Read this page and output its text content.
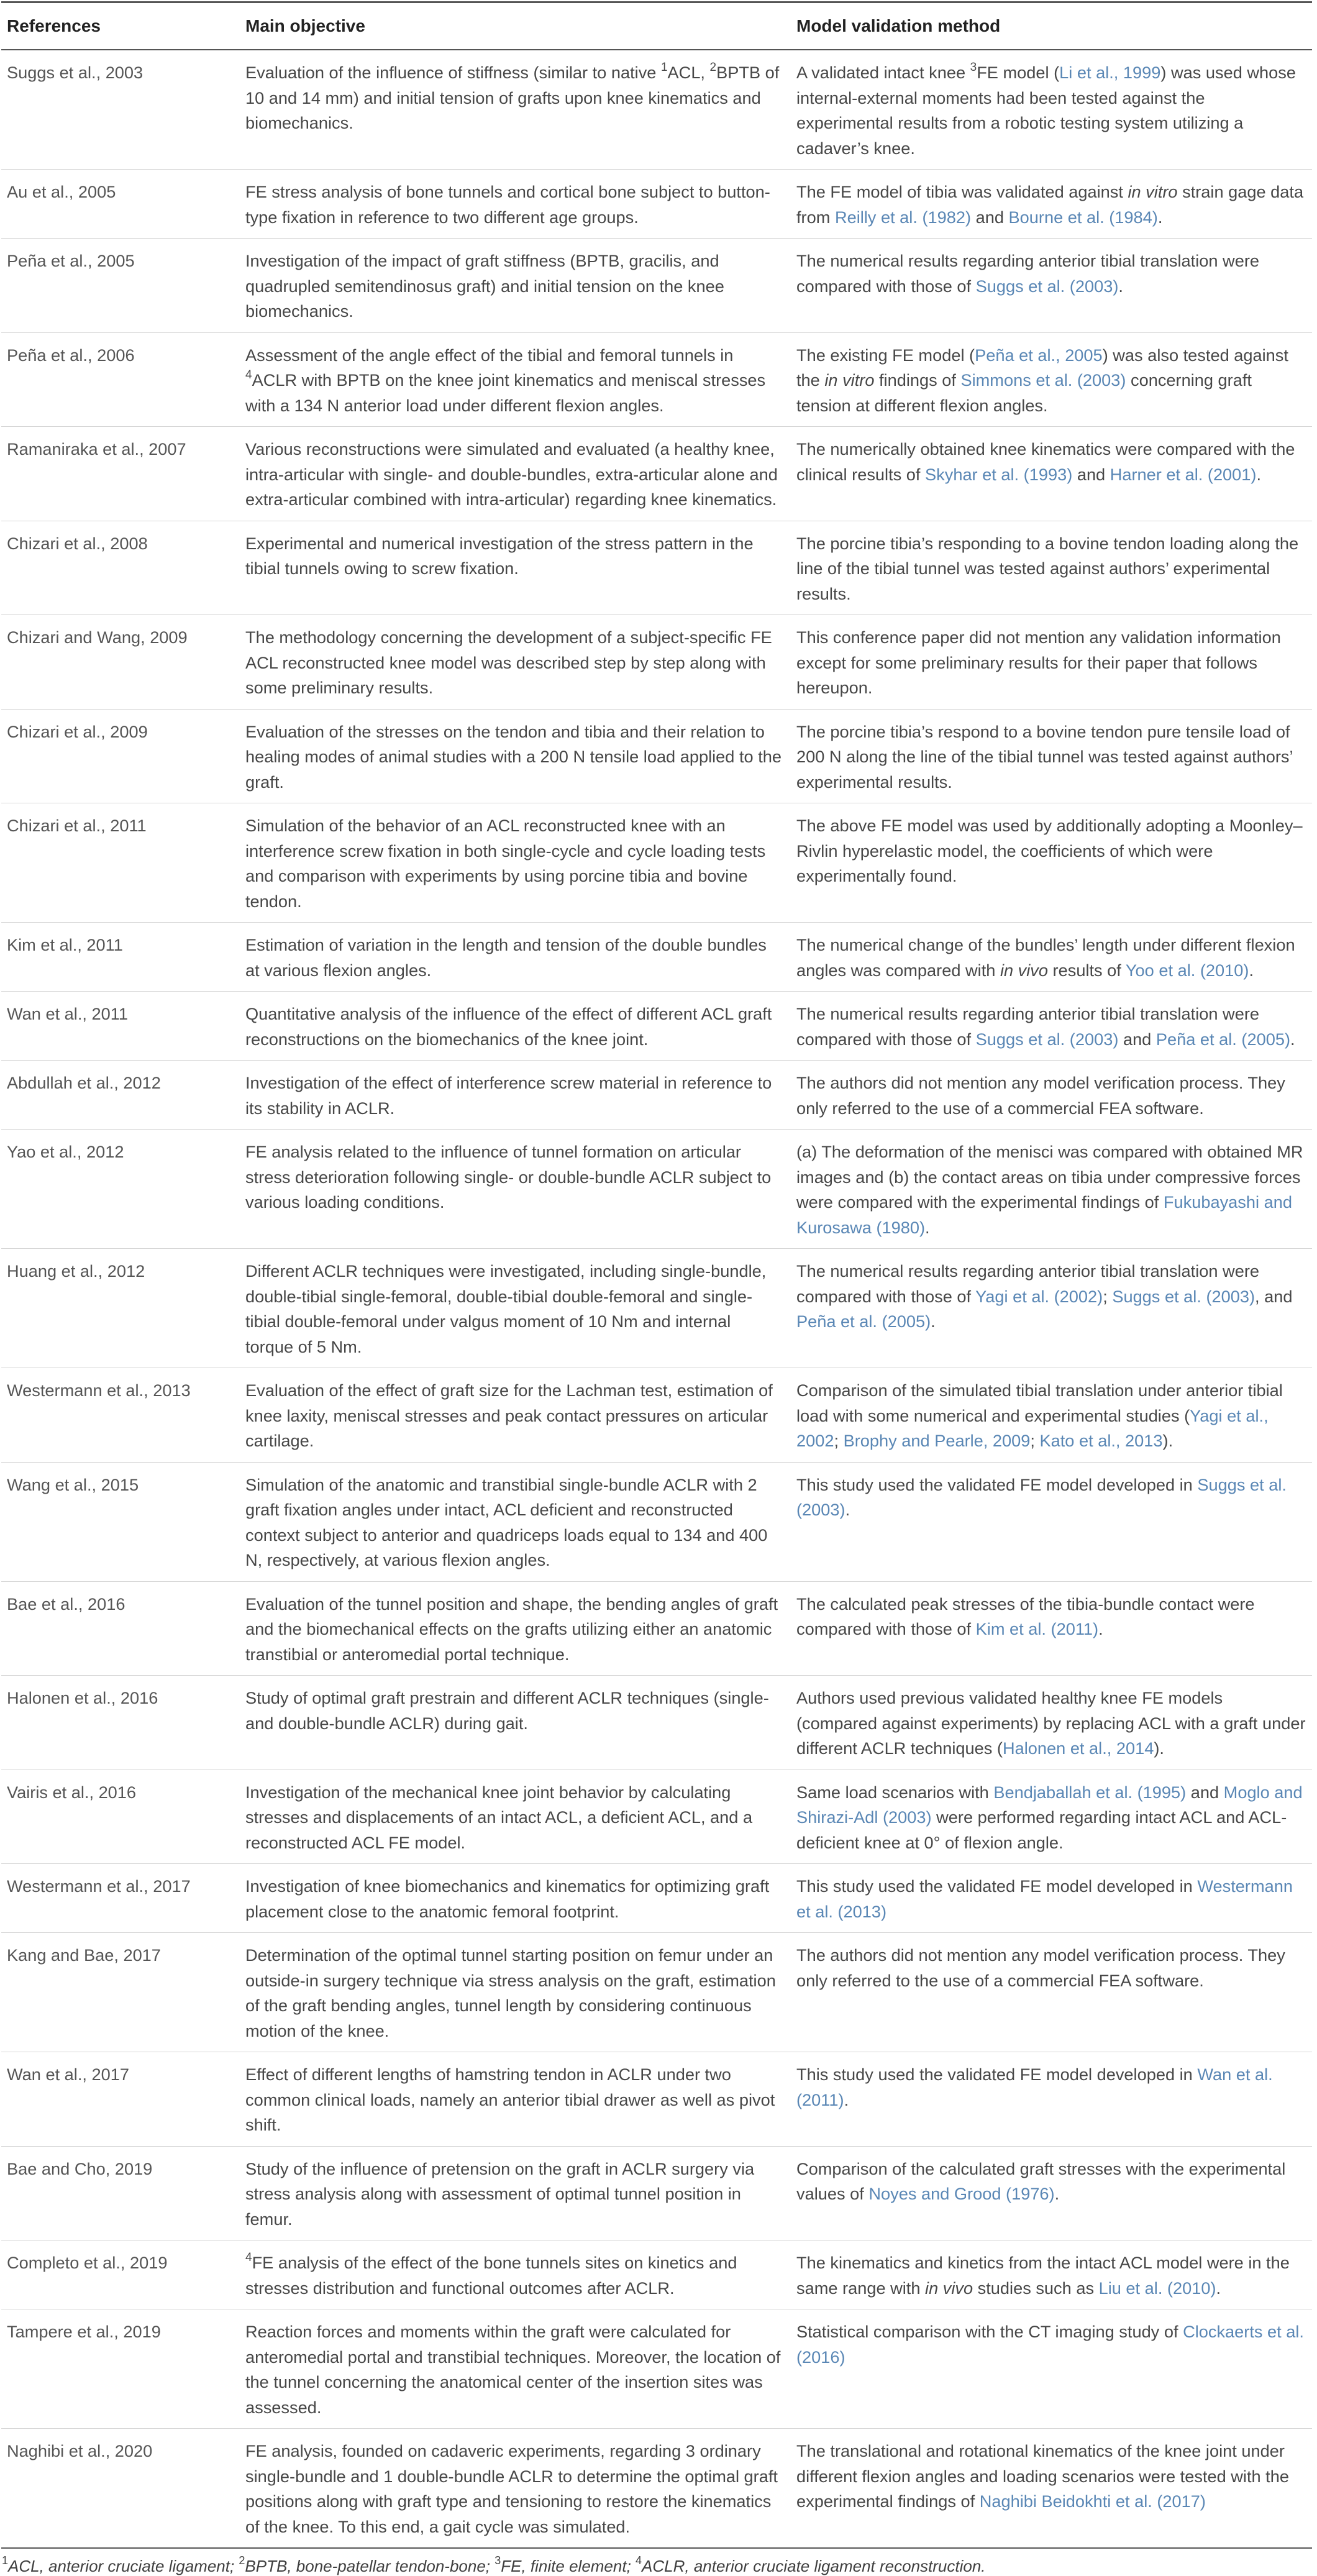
References	Main objective	Model validation method
Suggs et al., 2003	Evaluation of the influence of stiffness (similar to native $^1$ACL, $^2$BPTB of 10 and 14 mm) and initial tension of grafts upon knee kinematics and biomechanics.	A validated intact knee $^3$FE model (Li et al., 1999) was used whose internal-external moments had been tested against the experimental results from a robotic testing system utilizing a cadaver’s knee.
Au et al., 2005	FE stress analysis of bone tunnels and cortical bone subject to button-type fixation in reference to two different age groups.	The FE model of tibia was validated against in vitro strain gage data from Reilly et al. (1982) and Bourne et al. (1984).
Peña et al., 2005	Investigation of the impact of graft stiffness (BPTB, gracilis, and quadrupled semitendinosus graft) and initial tension on the knee biomechanics.	The numerical results regarding anterior tibial translation were compared with those of Suggs et al. (2003).
Peña et al., 2006	Assessment of the angle effect of the tibial and femoral tunnels in $^4$ACLR with BPTB on the knee joint kinematics and meniscal stresses with a 134 N anterior load under different flexion angles.	The existing FE model (Peña et al., 2005) was also tested against the in vitro findings of Simmons et al. (2003) concerning graft tension at different flexion angles.
Ramaniraka et al., 2007	Various reconstructions were simulated and evaluated (a healthy knee, intra-articular with single- and double-bundles, extra-articular alone and extra-articular combined with intra-articular) regarding knee kinematics.	The numerically obtained knee kinematics were compared with the clinical results of Skyhar et al. (1993) and Harner et al. (2001).
Chizari et al., 2008	Experimental and numerical investigation of the stress pattern in the tibial tunnels owing to screw fixation.	The porcine tibia’s responding to a bovine tendon loading along the line of the tibial tunnel was tested against authors’ experimental results.
Chizari and Wang, 2009	The methodology concerning the development of a subject-specific FE ACL reconstructed knee model was described step by step along with some preliminary results.	This conference paper did not mention any validation information except for some preliminary results for their paper that follows hereupon.
Chizari et al., 2009	Evaluation of the stresses on the tendon and tibia and their relation to healing modes of animal studies with a 200 N tensile load applied to the graft.	The porcine tibia’s respond to a bovine tendon pure tensile load of 200 N along the line of the tibial tunnel was tested against authors’ experimental results.
Chizari et al., 2011	Simulation of the behavior of an ACL reconstructed knee with an interference screw fixation in both single-cycle and cycle loading tests and comparison with experiments by using porcine tibia and bovine tendon.	The above FE model was used by additionally adopting a Moonley–Rivlin hyperelastic model, the coefficients of which were experimentally found.
Kim et al., 2011	Estimation of variation in the length and tension of the double bundles at various flexion angles.	The numerical change of the bundles’ length under different flexion angles was compared with in vivo results of Yoo et al. (2010).
Wan et al., 2011	Quantitative analysis of the influence of the effect of different ACL graft reconstructions on the biomechanics of the knee joint.	The numerical results regarding anterior tibial translation were compared with those of Suggs et al. (2003) and Peña et al. (2005).
Abdullah et al., 2012	Investigation of the effect of interference screw material in reference to its stability in ACLR.	The authors did not mention any model verification process. They only referred to the use of a commercial FEA software.
Yao et al., 2012	FE analysis related to the influence of tunnel formation on articular stress deterioration following single- or double-bundle ACLR subject to various loading conditions.	(a) The deformation of the menisci was compared with obtained MR images and (b) the contact areas on tibia under compressive forces were compared with the experimental findings of Fukubayashi and Kurosawa (1980).
Huang et al., 2012	Different ACLR techniques were investigated, including single-bundle, double-tibial single-femoral, double-tibial double-femoral and single-tibial double-femoral under valgus moment of 10 Nm and internal torque of 5 Nm.	The numerical results regarding anterior tibial translation were compared with those of Yagi et al. (2002); Suggs et al. (2003), and Peña et al. (2005).
Westermann et al., 2013	Evaluation of the effect of graft size for the Lachman test, estimation of knee laxity, meniscal stresses and peak contact pressures on articular cartilage.	Comparison of the simulated tibial translation under anterior tibial load with some numerical and experimental studies (Yagi et al., 2002; Brophy and Pearle, 2009; Kato et al., 2013).
Wang et al., 2015	Simulation of the anatomic and transtibial single-bundle ACLR with 2 graft fixation angles under intact, ACL deficient and reconstructed context subject to anterior and quadriceps loads equal to 134 and 400 N, respectively, at various flexion angles.	This study used the validated FE model developed in Suggs et al. (2003).
Bae et al., 2016	Evaluation of the tunnel position and shape, the bending angles of graft and the biomechanical effects on the grafts utilizing either an anatomic transtibial or anteromedial portal technique.	The calculated peak stresses of the tibia-bundle contact were compared with those of Kim et al. (2011).
Halonen et al., 2016	Study of optimal graft prestrain and different ACLR techniques (single- and double-bundle ACLR) during gait.	Authors used previous validated healthy knee FE models (compared against experiments) by replacing ACL with a graft under different ACLR techniques (Halonen et al., 2014).
Vairis et al., 2016	Investigation of the mechanical knee joint behavior by calculating stresses and displacements of an intact ACL, a deficient ACL, and a reconstructed ACL FE model.	Same load scenarios with Bendjaballah et al. (1995) and Moglo and Shirazi-Adl (2003) were performed regarding intact ACL and ACL-deficient knee at 0° of flexion angle.
Westermann et al., 2017	Investigation of knee biomechanics and kinematics for optimizing graft placement close to the anatomic femoral footprint.	This study used the validated FE model developed in Westermann et al. (2013)
Kang and Bae, 2017	Determination of the optimal tunnel starting position on femur under an outside-in surgery technique via stress analysis on the graft, estimation of the graft bending angles, tunnel length by considering continuous motion of the knee.	The authors did not mention any model verification process. They only referred to the use of a commercial FEA software.
Wan et al., 2017	Effect of different lengths of hamstring tendon in ACLR under two common clinical loads, namely an anterior tibial drawer as well as pivot shift.	This study used the validated FE model developed in Wan et al. (2011).
Bae and Cho, 2019	Study of the influence of pretension on the graft in ACLR surgery via stress analysis along with assessment of optimal tunnel position in femur.	Comparison of the calculated graft stresses with the experimental values of Noyes and Grood (1976).
Completo et al., 2019	$^4$FE analysis of the effect of the bone tunnels sites on kinetics and stresses distribution and functional outcomes after ACLR.	The kinematics and kinetics from the intact ACL model were in the same range with in vivo studies such as Liu et al. (2010).
Tampere et al., 2019	Reaction forces and moments within the graft were calculated for anteromedial portal and transtibial techniques. Moreover, the location of the tunnel concerning the anatomical center of the insertion sites was assessed.	Statistical comparison with the CT imaging study of Clockaerts et al. (2016)
Naghibi et al., 2020	FE analysis, founded on cadaveric experiments, regarding 3 ordinary single-bundle and 1 double-bundle ACLR to determine the optimal graft positions along with graft type and tensioning to restore the kinematics of the knee. To this end, a gait cycle was simulated.	The translational and rotational kinematics of the knee joint under different flexion angles and loading scenarios were tested with the experimental findings of Naghibi Beidokhti et al. (2017)
$^1$ACL, anterior cruciate ligament; $^2$BPTB, bone-patellar tendon-bone; $^3$FE, finite element; $^4$ACLR, anterior cruciate ligament reconstruction.
